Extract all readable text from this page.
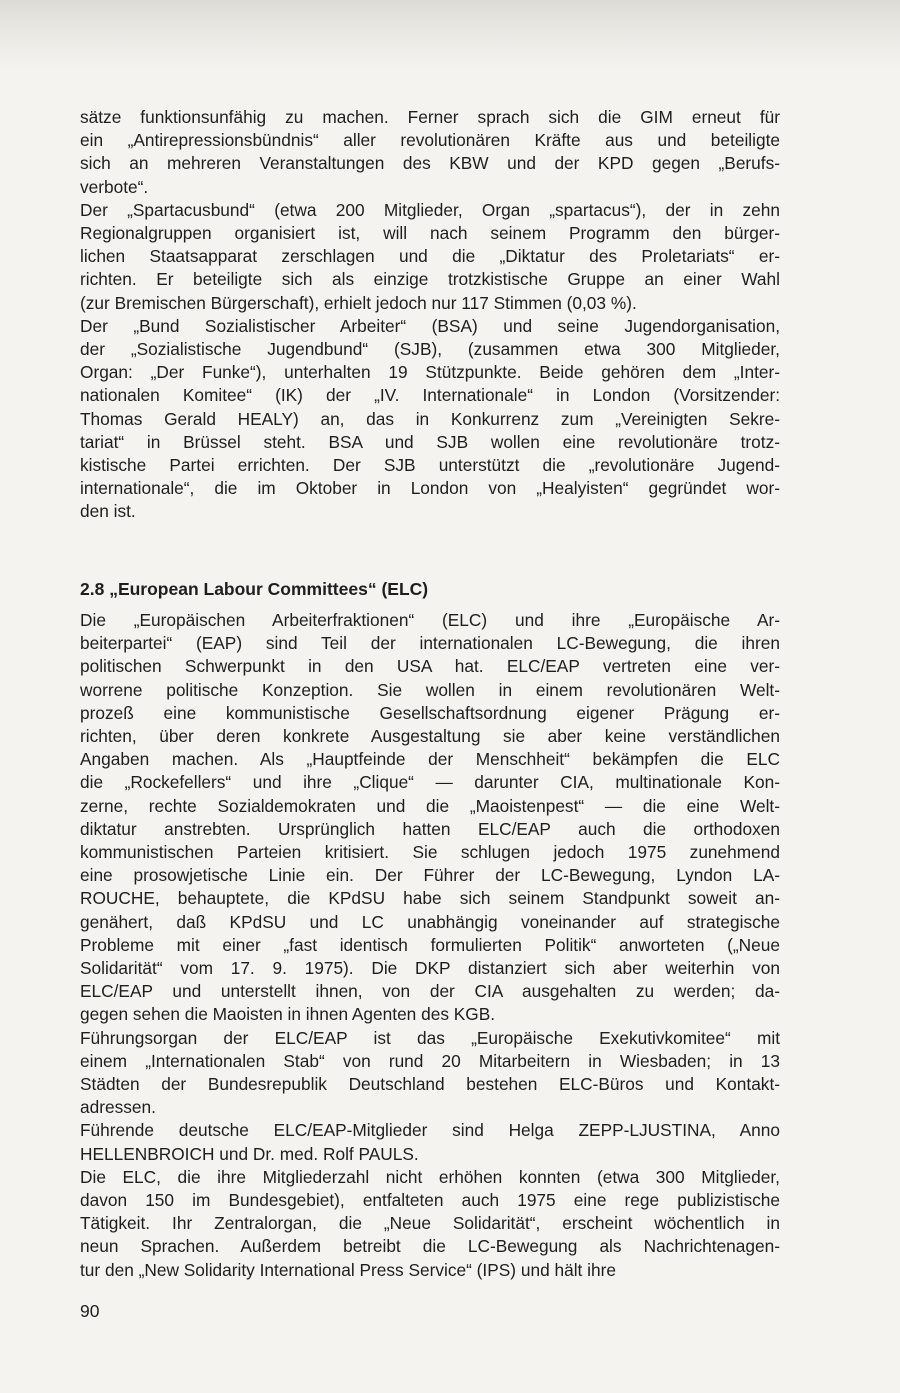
sätze funktionsunfähig zu machen. Ferner sprach sich die GIM erneut für
ein „Antirepressionsbündnis“ aller revolutionären Kräfte aus und beteiligte
sich an mehreren Veranstaltungen des KBW und der KPD gegen „Berufs-
verbote“.

Der „Spartacusbund“ (etwa 200 Mitglieder, Organ „spartacus“), der in zehn
Regionalgruppen organisiert ist, will nach seinem Programm den bürger-
lichen Staatsapparat zerschlagen und die „Diktatur des Proletariats“ er-
richten. Er beteiligte sich als einzige trotzkistische Gruppe an einer Wahl
(zur Bremischen Bürgerschaft), erhielt jedoch nur 117 Stimmen (0,03 %).

Der „Bund Sozialistischer Arbeiter“ (BSA) und seine Jugendorganisation,
der „Sozialistische Jugendbund“ (SJB), (zusammen etwa 300 Mitglieder,
Organ: „Der Funke“), unterhalten 19 Stützpunkte. Beide gehören dem „Inter-
nationalen Komitee“ (IK) der „IV. Internationale“ in London (Vorsitzender:
Thomas Gerald HEALY) an, das in Konkurrenz zum „Vereinigten Sekre-
tariat“ in Brüssel steht. BSA und SJB wollen eine revolutionäre trotz-
kistische Partei errichten. Der SJB unterstützt die „revolutionäre Jugend-
internationale“, die im Oktober in London von „Healyisten“ gegründet wor-
den ist.

2.8 „European Labour Committees“ (ELC)

Die „Europäischen Arbeiterfraktionen“ (ELC) und ihre „Europäische Ar-
beiterpartei“ (EAP) sind Teil der internationalen LC-Bewegung, die ihren
politischen Schwerpunkt in den USA hat. ELC/EAP vertreten eine ver-
worrene politische Konzeption. Sie wollen in einem revolutionären Welt-
prozeß eine kommunistische Gesellschaftsordnung eigener Prägung er-
richten, über deren konkrete Ausgestaltung sie aber keine verständlichen
Angaben machen. Als „Hauptfeinde der Menschheit“ bekämpfen die ELC
die „Rockefellers“ und ihre „Clique“ — darunter CIA, multinationale Kon-
zerne, rechte Sozialdemokraten und die „Maoistenpest“ — die eine Welt-
diktatur anstrebten. Ursprünglich hatten ELC/EAP auch die orthodoxen
kommunistischen Parteien kritisiert. Sie schlugen jedoch 1975 zunehmend
eine prosowjetische Linie ein. Der Führer der LC-Bewegung, Lyndon LA-
ROUCHE, behauptete, die KPdSU habe sich seinem Standpunkt soweit an-
genähert, daß KPdSU und LC unabhängig voneinander auf strategische
Probleme mit einer „fast identisch formulierten Politik“ anworteten („Neue
Solidarität“ vom 17. 9. 1975). Die DKP distanziert sich aber weiterhin von
ELC/EAP und unterstellt ihnen, von der CIA ausgehalten zu werden; da-
gegen sehen die Maoisten in ihnen Agenten des KGB.

Führungsorgan der ELC/EAP ist das „Europäische Exekutivkomitee“ mit
einem „Internationalen Stab“ von rund 20 Mitarbeitern in Wiesbaden; in 13
Städten der Bundesrepublik Deutschland bestehen ELC-Büros und Kontakt-
adressen.

Führende deutsche ELC/EAP-Mitglieder sind Helga ZEPP-LJUSTINA, Anno
HELLENBROICH und Dr. med. Rolf PAULS.

Die ELC, die ihre Mitgliederzahl nicht erhöhen konnten (etwa 300 Mitglieder,
davon 150 im Bundesgebiet), entfalteten auch 1975 eine rege publizistische
Tätigkeit. Ihr Zentralorgan, die „Neue Solidarität“, erscheint wöchentlich in
neun Sprachen. Außerdem betreibt die LC-Bewegung als Nachrichtenagen-
tur den „New Solidarity International Press Service“ (IPS) und hält ihre

90
